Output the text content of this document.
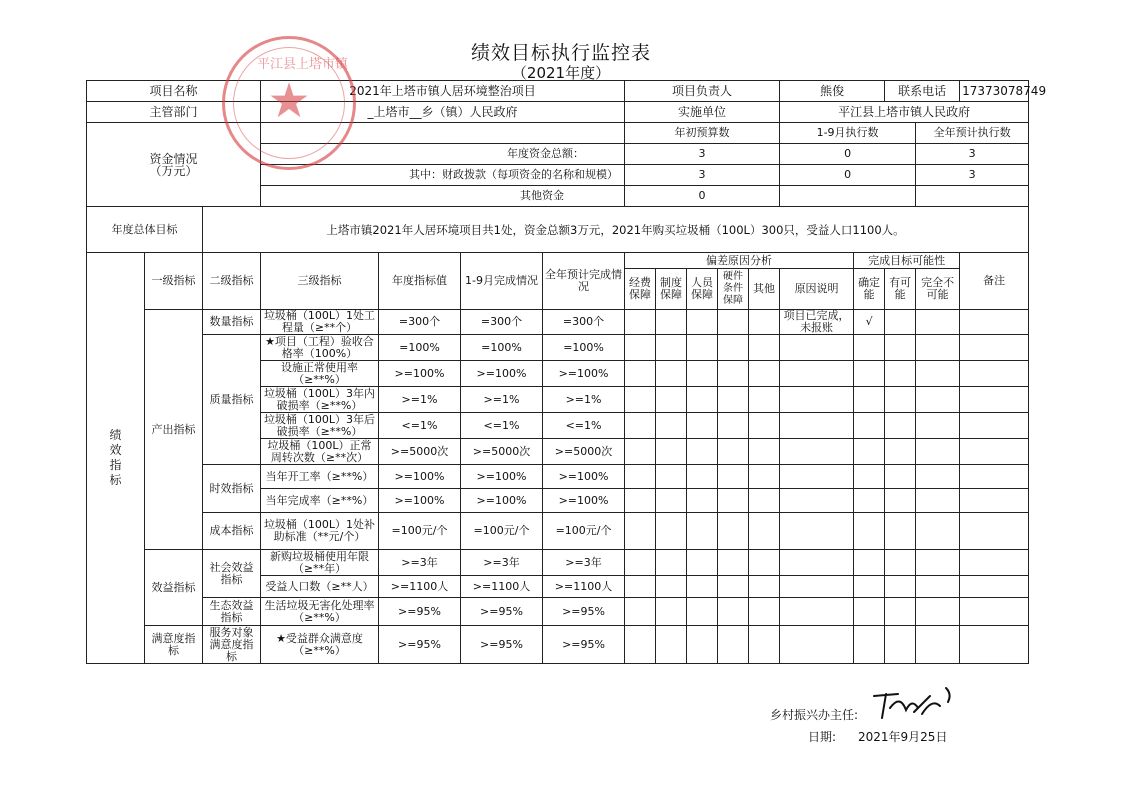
绩效目标执行监控表
（2021年度）
项目名称			2021年上塔市镇人居环境整治项目				项目负责人					熊俊		联系电话		17373078749
主管部门			_上塔市__乡（镇）人民政府				实施单位					平江县上塔市镇人民政府				
资金情况
（万元）							年初预算数					1-9月执行数			全年预计执行数	
			年度资金总额：				3					0			3	
			其中：财政拨款（每项资金的名称和规模）				3					0			3	
			其他资金				0									
年度总体目标		上塔市镇2021年人居环境项目共1处，资金总额3万元，2021年购买垃圾桶（100L）300只，受益人口1100人。														

绩效指标	一级指标	二级指标	三级指标	年度指标值	1-9月完成情况	全年预计完成情况	偏差原因分析						完成目标可能性			备注
							经费保障	制度保障	人员保障	硬件条件保障	其他	原因说明	确定能	有可能	完全不可能	
	产出指标	数量指标	垃圾桶（100L）1处工程量（≥**个）	=300个	=300个	=300个						项目已完成，未报账	√			
		质量指标	★项目（工程）验收合格率（100%）	=100%	=100%	=100%										
			设施正常使用率（≥**%）	>=100%	>=100%	>=100%										
			垃圾桶（100L）3年内破损率（≥**%）	>=1%	>=1%	>=1%										
			垃圾桶（100L）3年后破损率（≥**%）	<=1%	<=1%	<=1%										
			垃圾桶（100L）正常周转次数（≥**次）	>=5000次	>=5000次	>=5000次										
		时效指标	当年开工率（≥**%）	>=100%	>=100%	>=100%										
			当年完成率（≥**%）	>=100%	>=100%	>=100%										
		成本指标	垃圾桶（100L）1处补助标准（**元/个）	=100元/个	=100元/个	=100元/个										
	效益指标	社会效益指标	新购垃圾桶使用年限（≥**年）	>=3年	>=3年	>=3年										
			受益人口数（≥**人）	>=1100人	>=1100人	>=1100人										
		生态效益指标	生活垃圾无害化处理率（≥**%）	>=95%	>=95%	>=95%										
	满意度指标	服务对象满意度指标	★受益群众满意度（≥**%）	>=95%	>=95%	>=95%										
平江县上塔市镇
★
乡村振兴办主任:
日期: 2021年9月25日
